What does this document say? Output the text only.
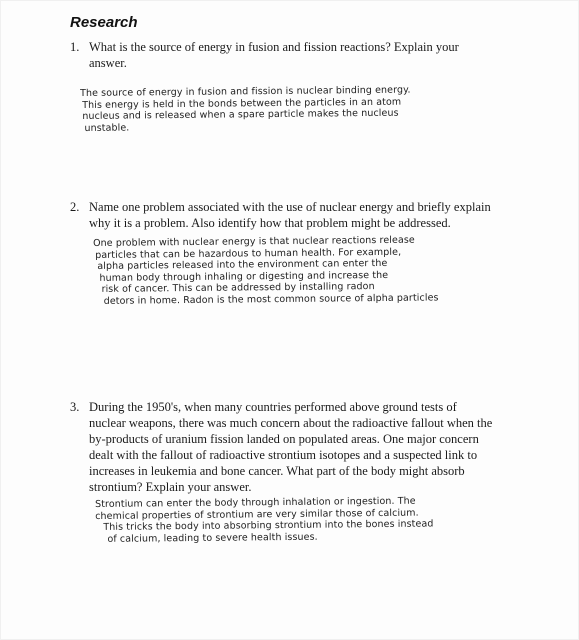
Research
1. What is the source of energy in fusion and fission reactions? Explain your
answer.
The source of energy in fusion and fission is nuclear binding energy.
This energy is held in the bonds between the particles in an atom
nucleus and is released when a spare particle makes the nucleus
unstable.
2. Name one problem associated with the use of nuclear energy and briefly explain
why it is a problem. Also identify how that problem might be addressed.
One problem with nuclear energy is that nuclear reactions release
particles that can be hazardous to human health. For example,
alpha particles released into the environment can enter the
human body through inhaling or digesting and increase the
risk of cancer. This can be addressed by installing radon
detors in home. Radon is the most common source of alpha particles
3. During the 1950's, when many countries performed above ground tests of
nuclear weapons, there was much concern about the radioactive fallout when the
by-products of uranium fission landed on populated areas. One major concern
dealt with the fallout of radioactive strontium isotopes and a suspected link to
increases in leukemia and bone cancer. What part of the body might absorb
strontium? Explain your answer.
Strontium can enter the body through inhalation or ingestion. The
chemical properties of strontium are very similar those of calcium.
This tricks the body into absorbing strontium into the bones instead
of calcium, leading to severe health issues.
